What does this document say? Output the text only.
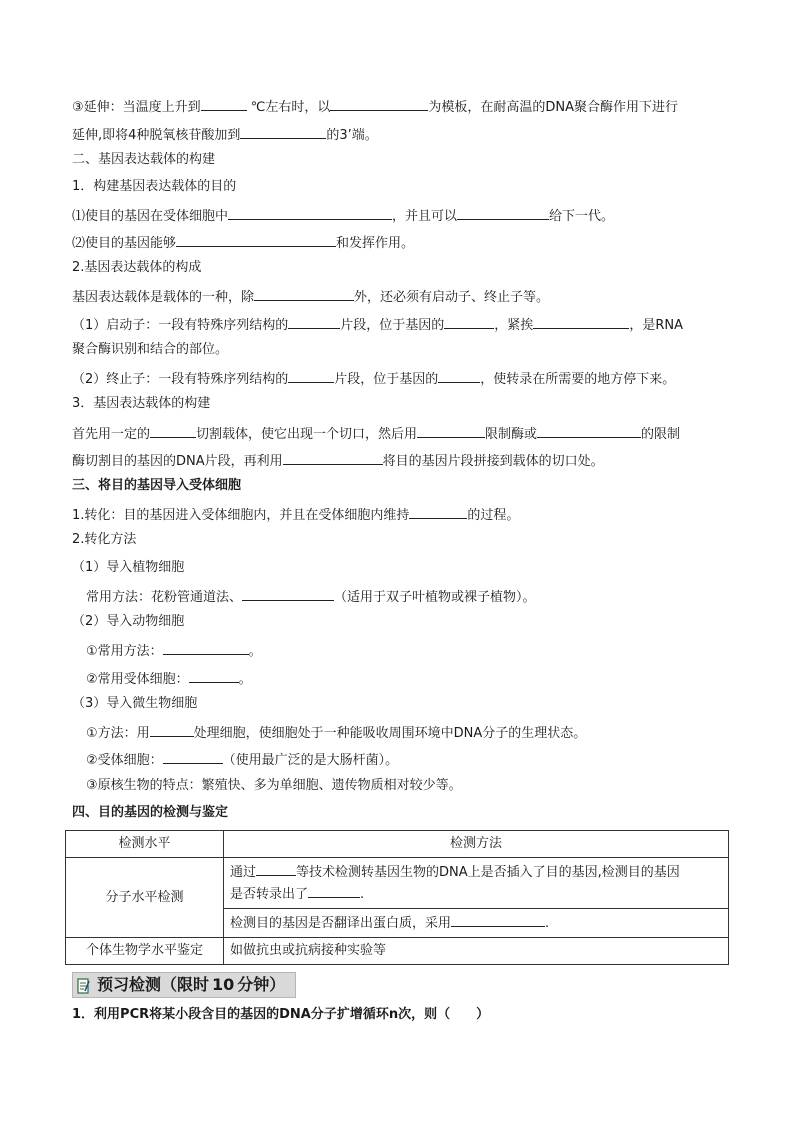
③延伸：当温度上升到	℃左右时，以	为模板，在耐高温的DNA聚合酶作用下进行
延伸,即将4种脱氧核苷酸加到	的3’端。
二、基因表达载体的构建
1．构建基因表达载体的目的
⑴使目的基因在受体细胞中	，并且可以	给下一代。
⑵使目的基因能够	和发挥作用。
2.基因表达载体的构成
基因表达载体是载体的一种，除	外，还必须有启动子、终止子等。
（1）启动子：一段有特殊序列结构的	片段，位于基因的	，紧挨	，是RNA
聚合酶识别和结合的部位。
（2）终止子：一段有特殊序列结构的	片段，位于基因的	，使转录在所需要的地方停下来。
3．基因表达载体的构建
首先用一定的	切割载体，使它出现一个切口，然后用	限制酶或	的限制
酶切割目的基因的DNA片段，再利用	将目的基因片段拼接到载体的切口处。
三、将目的基因导入受体细胞
1.转化：目的基因进入受体细胞内，并且在受体细胞内维持	的过程。
2.转化方法
（1）导入植物细胞
常用方法：花粉管通道法、	（适用于双子叶植物或裸子植物）。
（2）导入动物细胞
①常用方法：	。
②常用受体细胞：	。
（3）导入微生物细胞
①方法：用	处理细胞，使细胞处于一种能吸收周围环境中DNA分子的生理状态。
②受体细胞：	（使用最广泛的是大肠杆菌）。
③原核生物的特点：繁殖快、多为单细胞、遗传物质相对较少等。
四、目的基因的检测与鉴定
检测水平	检测方法
分子水平检测	通过 等技术检测转基因生物的DNA上是否插入了目的基因,检测目的基因
是否转录出了 .
	检测目的基因是否翻译出蛋白质，采用 .
个体生物学水平鉴定	如做抗虫或抗病接种实验等
预习检测（限时 10 分钟）
1．利用PCR将某小段含目的基因的DNA分子扩增循环n次，则（　　）
